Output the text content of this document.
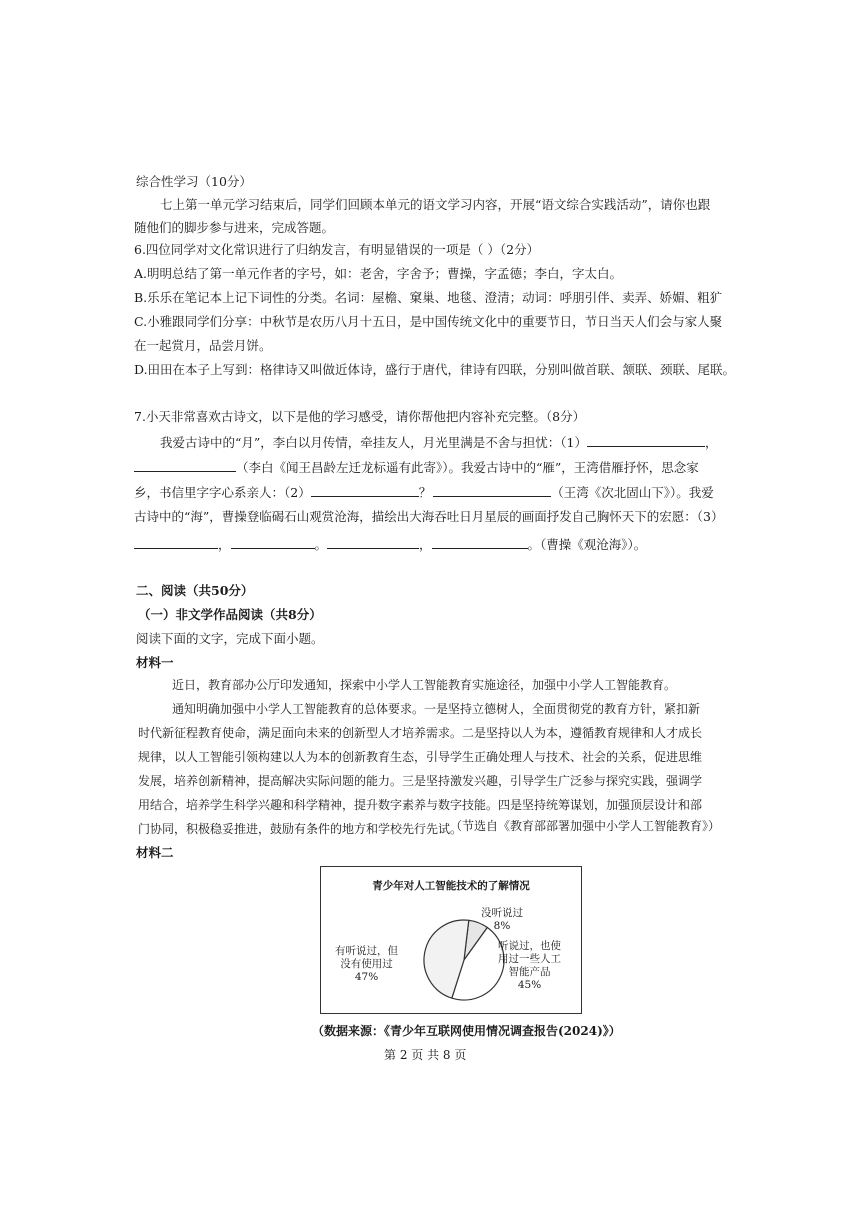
综合性学习（10分）
七上第一单元学习结束后，同学们回顾本单元的语文学习内容，开展“语文综合实践活动”，请你也跟
随他们的脚步参与进来，完成答题。
6.四位同学对文化常识进行了归纳发言，有明显错误的一项是（ ）（2分）
A.明明总结了第一单元作者的字号，如：老舍，字舍予；曹操，字孟德；李白，字太白。
B.乐乐在笔记本上记下词性的分类。名词：屋檐、窠巢、地毯、澄清；动词：呼朋引伴、卖弄、娇媚、粗犷
C.小雅跟同学们分享：中秋节是农历八月十五日，是中国传统文化中的重要节日，节日当天人们会与家人聚
在一起赏月，品尝月饼。
D.田田在本子上写到：格律诗又叫做近体诗，盛行于唐代，律诗有四联，分别叫做首联、颔联、颈联、尾联。
7.小天非常喜欢古诗文，以下是他的学习感受，请你帮他把内容补充完整。（8分）
我爱古诗中的“月”，李白以月传情，牵挂友人，月光里满是不舍与担忧：（1）	，
（李白《闻王昌龄左迁龙标遥有此寄》）。我爱古诗中的“雁”，王湾借雁抒怀，思念家
乡，书信里字字心系亲人：（2）	？	（王湾《次北固山下》）。我爱
古诗中的“海”，曹操登临碣石山观赏沧海，描绘出大海吞吐日月星辰的画面抒发自己胸怀天下的宏愿：（3）
，	。	，	。（曹操《观沧海》）。
二、阅读（共50分）
（一）非文学作品阅读（共8分）
阅读下面的文字，完成下面小题。
材料一
近日，教育部办公厅印发通知，探索中小学人工智能教育实施途径，加强中小学人工智能教育。
通知明确加强中小学人工智能教育的总体要求。一是坚持立德树人，全面贯彻党的教育方针，紧扣新
时代新征程教育使命，满足面向未来的创新型人才培养需求。二是坚持以人为本，遵循教育规律和人才成长
规律，以人工智能引领构建以人为本的创新教育生态，引导学生正确处理人与技术、社会的关系，促进思维
发展，培养创新精神，提高解决实际问题的能力。三是坚持激发兴趣，引导学生广泛参与探究实践，强调学
用结合，培养学生科学兴趣和科学精神，提升数字素养与数字技能。四是坚持统筹谋划，加强顶层设计和部
门协同，积极稳妥推进，鼓励有条件的地方和学校先行先试。
（节选自《教育部部署加强中小学人工智能教育》）
材料二
青少年对人工智能技术的了解情况
没听说过
8%
听说过，也使
用过一些人工
智能产品
45%
有听说过，但
没有使用过
47%
（数据来源：《青少年互联网使用情况调查报告(2024)》）
第 2 页 共 8 页
